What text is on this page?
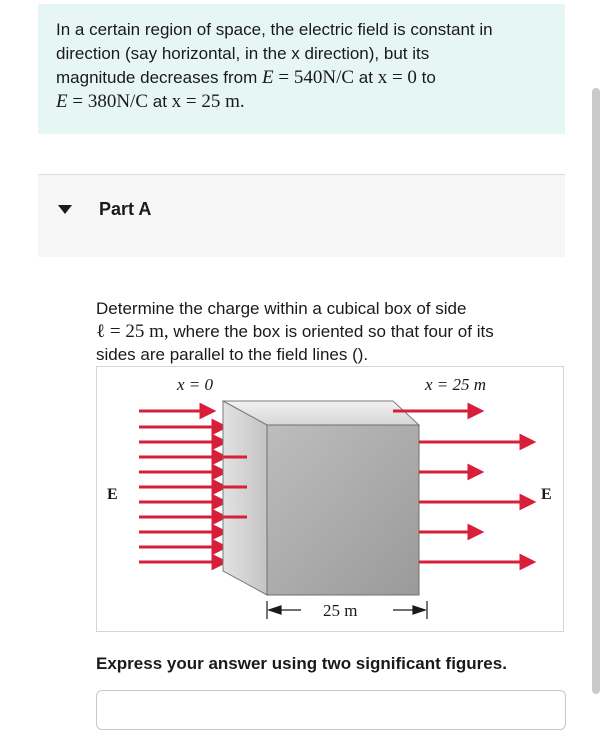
In a certain region of space, the electric field is constant in
direction (say horizontal, in the x direction), but its
magnitude decreases from E = 540N/C at x = 0 to
E = 380N/C at x = 25 m.
Part A
Determine the charge within a cubical box of side
ℓ = 25 m, where the box is oriented so that four of its
sides are parallel to the field lines ().
x = 0	x = 25 m
E	E
25 m
Express your answer using two significant figures.
